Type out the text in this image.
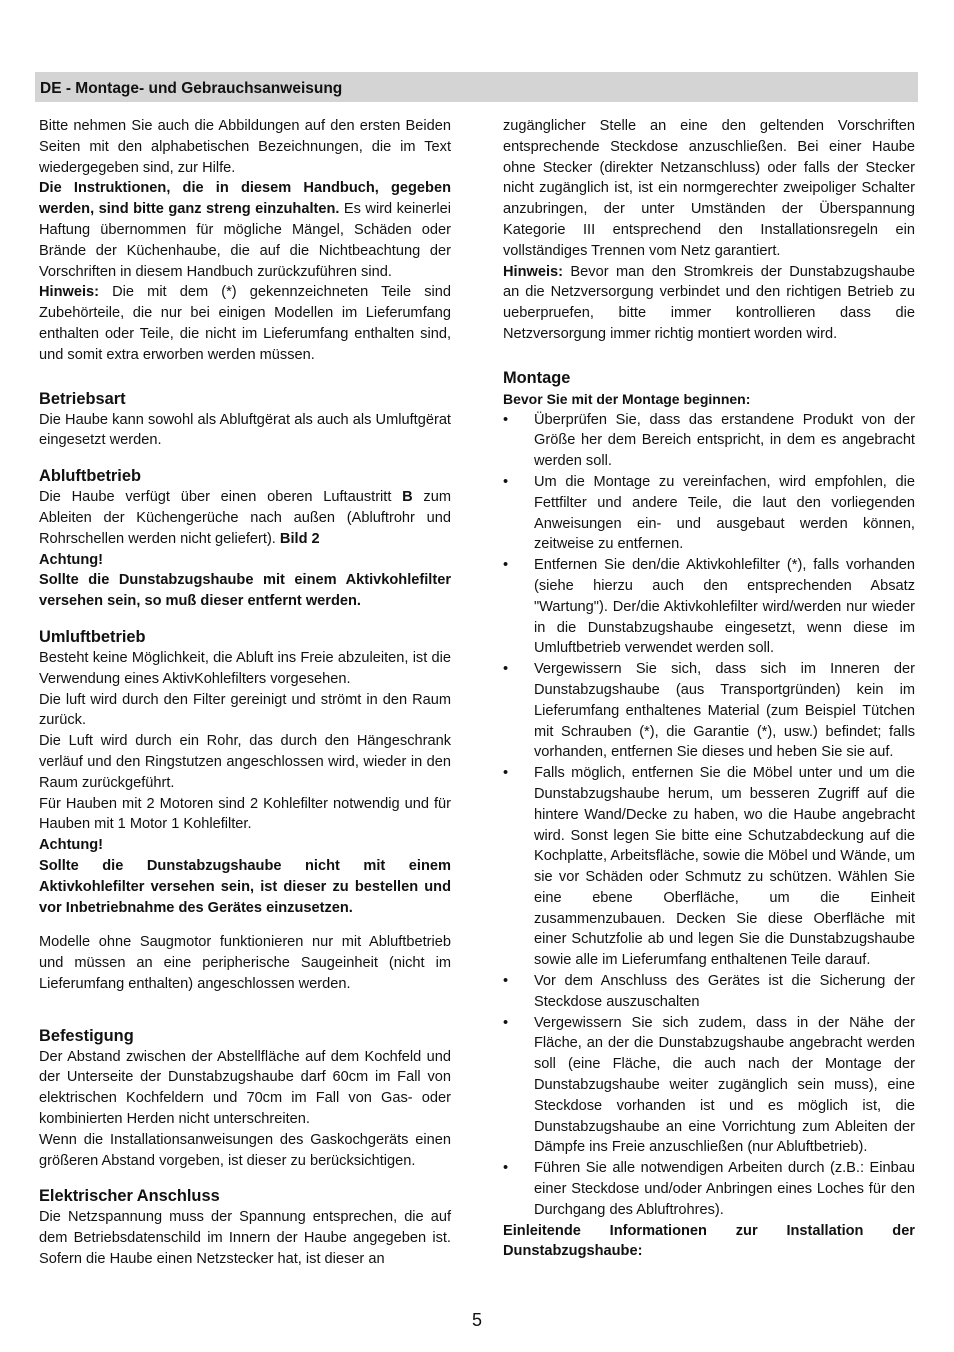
DE - Montage- und Gebrauchsanweisung

Bitte nehmen Sie auch die Abbildungen auf den ersten Beiden Seiten mit den alphabetischen Bezeichnungen, die im Text wiedergegeben sind, zur Hilfe.

Die Instruktionen, die in diesem Handbuch, gegeben werden, sind bitte ganz streng einzuhalten. Es wird keinerlei Haftung übernommen für mögliche Mängel, Schäden oder Brände der Küchenhaube, die auf die Nichtbeachtung der Vorschriften in diesem Handbuch zurückzuführen sind.

Hinweis: Die mit dem (*) gekennzeichneten Teile sind Zubehörteile, die nur bei einigen Modellen im Lieferumfang enthalten oder Teile, die nicht im Lieferumfang enthalten sind, und somit extra erworben werden müssen.

Betriebsart

Die Haube kann sowohl als Abluftgërat als auch als Umluftgërat eingesetzt werden.

Abluftbetrieb

Die Haube verfügt über einen oberen Luftaustritt B zum Ableiten der Küchengerüche nach außen (Abluftrohr und Rohrschellen werden nicht geliefert). Bild 2

Achtung!

Sollte die Dunstabzugshaube mit einem Aktivkohlefilter versehen sein, so muß dieser entfernt werden.

Umluftbetrieb

Besteht keine Möglichkeit, die Abluft ins Freie abzuleiten, ist die Verwendung eines AktivKohlefilters vorgesehen.

Die luft wird durch den Filter gereinigt und strömt in den Raum zurück.

Die Luft wird durch ein Rohr, das durch den Hängeschrank verläuf und den Ringstutzen angeschlossen wird, wieder in den Raum zurückgeführt.

Für Hauben mit 2 Motoren sind 2 Kohlefilter notwendig und für Hauben mit 1 Motor 1 Kohlefilter.

Achtung!

Sollte die Dunstabzugshaube nicht mit einem Aktivkohlefilter versehen sein, ist dieser zu bestellen und vor Inbetriebnahme des Gerätes einzusetzen.

Modelle ohne Saugmotor funktionieren nur mit Abluftbetrieb und müssen an eine peripherische Saugeinheit (nicht im Lieferumfang enthalten) angeschlossen werden.

Befestigung

Der Abstand zwischen der Abstellfläche auf dem Kochfeld und der Unterseite der Dunstabzugshaube darf 60cm im Fall von elektrischen Kochfeldern und 70cm im Fall von Gas- oder kombinierten Herden nicht unterschreiten.

Wenn die Installationsanweisungen des Gaskochgeräts einen größeren Abstand vorgeben, ist dieser zu berücksichtigen.

Elektrischer Anschluss

Die Netzspannung muss der Spannung entsprechen, die auf dem Betriebsdatenschild im Innern der Haube angegeben ist. Sofern die Haube einen Netzstecker hat, ist dieser an

zugänglicher Stelle an eine den geltenden Vorschriften entsprechende Steckdose anzuschließen. Bei einer Haube ohne Stecker (direkter Netzanschluss) oder falls der Stecker nicht zugänglich ist, ist ein normgerechter zweipoliger Schalter anzubringen, der unter Umständen der Überspannung Kategorie III entsprechend den Installationsregeln ein vollständiges Trennen vom Netz garantiert.

Hinweis: Bevor man den Stromkreis der Dunstabzugshaube an die Netzversorgung verbindet und den richtigen Betrieb zu ueberpruefen, bitte immer kontrollieren dass die Netzversorgung immer richtig montiert worden wird.

Montage

Bevor Sie mit der Montage beginnen:

• Überprüfen Sie, dass das erstandene Produkt von der Größe her dem Bereich entspricht, in dem es angebracht werden soll.
• Um die Montage zu vereinfachen, wird empfohlen, die Fettfilter und andere Teile, die laut den vorliegenden Anweisungen ein- und ausgebaut werden können, zeitweise zu entfernen.
• Entfernen Sie den/die Aktivkohlefilter (*), falls vorhanden (siehe hierzu auch den entsprechenden Absatz "Wartung"). Der/die Aktivkohlefilter wird/werden nur wieder in die Dunstabzugshaube eingesetzt, wenn diese im Umluftbetrieb verwendet werden soll.
• Vergewissern Sie sich, dass sich im Inneren der Dunstabzugshaube (aus Transportgründen) kein im Lieferumfang enthaltenes Material (zum Beispiel Tütchen mit Schrauben (*), die Garantie (*), usw.) befindet; falls vorhanden, entfernen Sie dieses und heben Sie sie auf.
• Falls möglich, entfernen Sie die Möbel unter und um die Dunstabzugshaube herum, um besseren Zugriff auf die hintere Wand/Decke zu haben, wo die Haube angebracht wird. Sonst legen Sie bitte eine Schutzabdeckung auf die Kochplatte, Arbeitsfläche, sowie die Möbel und Wände, um sie vor Schäden oder Schmutz zu schützen. Wählen Sie eine ebene Oberfläche, um die Einheit zusammenzubauen. Decken Sie diese Oberfläche mit einer Schutzfolie ab und legen Sie die Dunstabzugshaube sowie alle im Lieferumfang enthaltenen Teile darauf.
• Vor dem Anschluss des Gerätes ist die Sicherung der Steckdose auszuschalten
• Vergewissern Sie sich zudem, dass in der Nähe der Fläche, an der die Dunstabzugshaube angebracht werden soll (eine Fläche, die auch nach der Montage der Dunstabzugshaube weiter zugänglich sein muss), eine Steckdose vorhanden ist und es möglich ist, die Dunstabzugshaube an eine Vorrichtung zum Ableiten der Dämpfe ins Freie anzuschließen (nur Abluftbetrieb).
• Führen Sie alle notwendigen Arbeiten durch (z.B.: Einbau einer Steckdose und/oder Anbringen eines Loches für den Durchgang des Abluftrohres).

Einleitende Informationen zur Installation der Dunstabzugshaube:

5
